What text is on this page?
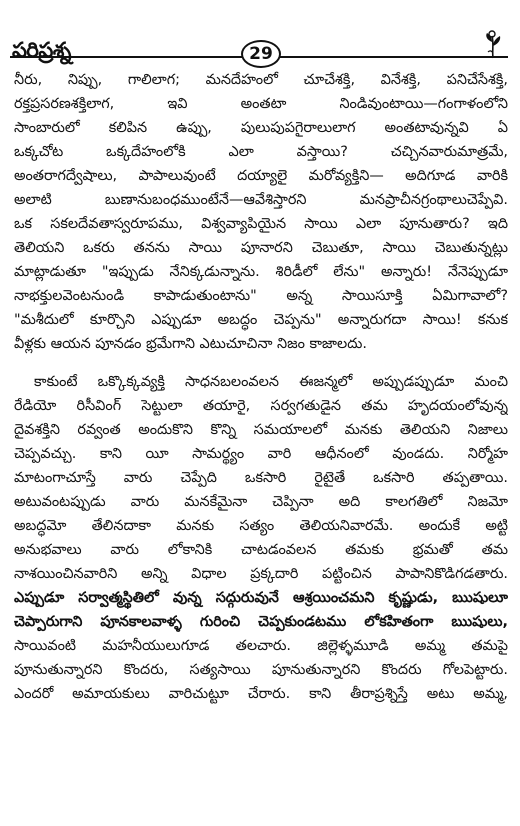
పరిప్రశ్న	29
నీరు, నిప్పు, గాలిలాగ; మనదేహంలో చూచేశక్తి, వినేశక్తి, పనిచేసేశక్తి,
రక్తప్రసరణశక్తిలాగ, ఇవి అంతటా నిండివుంటాయి—గంగాళంలోని
సాంబారులో కలిపిన ఉప్పు, పులుపుపగైరాలులాగ అంతటావున్నవి ఏ
ఒక్కచోట ఒక్కదేహంలోకి ఎలా వస్తాయి? చచ్చినవారుమాత్రమే,
అంతరాగద్వేషాలు, పాపాలువుంటే దయ్యాలై మరోవ్యక్తిని— అదిగూడ వారికి
అలాటి బుణానుబంధముంటేనే—ఆవేశిస్తారని మనప్రాచీనగ్రంథాలుచెప్పేవి.
ఒక సకలదేవతాస్వరూపము, విశ్వవ్యాపియైన సాయి ఎలా పూనుతారు? ఇది
తెలియని ఒకరు తనను సాయి పూనారని చెబుతూ, సాయి చెబుతున్నట్లు
మాట్లాడుతూ "ఇప్పుడు నేనిక్కడున్నాను. శిరిడీలో లేను" అన్నారు! నేనెప్పుడూ
నాభక్తులవెంటనుండి కాపాడుతుంటాను" అన్న సాయిసూక్తి ఏమిగావాలో?
"మశీదులో కూర్చొని ఎప్పుడూ అబద్ధం చెప్పను" అన్నారుగదా సాయి! కనుక
వీళ్లకు ఆయన పూనడం భ్రమేగాని ఎటుచూచినా నిజం కాజాలదు.
కాకుంటే ఒక్కొక్కవ్యక్తి సాధనబలంవలన ఈజన్మలో అప్పుడప్పుడూ మంచి
రేడియో రిసీవింగ్ సెట్టులా తయారై, సర్వగతుడైన తమ హృదయంలోవున్న
దైవశక్తిని రవ్వంత అందుకొని కొన్ని సమయాలలో మనకు తెలియని నిజాలు
చెప్పవచ్చు. కాని యీ సామర్థ్యం వారి ఆధీనంలో వుండదు. నిర్మోహ
మాటంగాచూస్తే వారు చెప్పేది ఒకసారి రైటైతే ఒకసారి తప్పతాయి.
అటువంటప్పుడు వారు మనకేమైనా చెప్పినా అది కాలగతిలో నిజమో
అబద్ధమో తేలినదాకా మనకు సత్యం తెలియనివారమే. అందుకే అట్టి
అనుభవాలు వారు లోకానికి చాటడంవలన తమకు భ్రమతో తమ
నాశయించినవారిని అన్ని విధాల ప్రక్కదారి పట్టించిన పాపానికొడిగడతారు.
ఎప్పుడూ సర్వాత్మస్థితిలో వున్న సద్గురువునే ఆశ్రయించమని కృష్ణుడు, ఋషులూ
చెప్పారుగాని పూనకాలవాళ్ళ గురించి చెప్పకుండటము లోకహితంగా ఋషులు,
సాయివంటి మహనీయులుగూడ తలచారు. జిల్లెళ్ళమూడి అమ్మ తమపై
పూనుతున్నారని కొందరు, సత్యసాయి పూనుతున్నారని కొందరు గోలపెట్టారు.
ఎందరో అమాయకులు వారిచుట్టూ చేరారు. కాని తీరాప్రశ్నిస్తే అటు అమ్మ,
